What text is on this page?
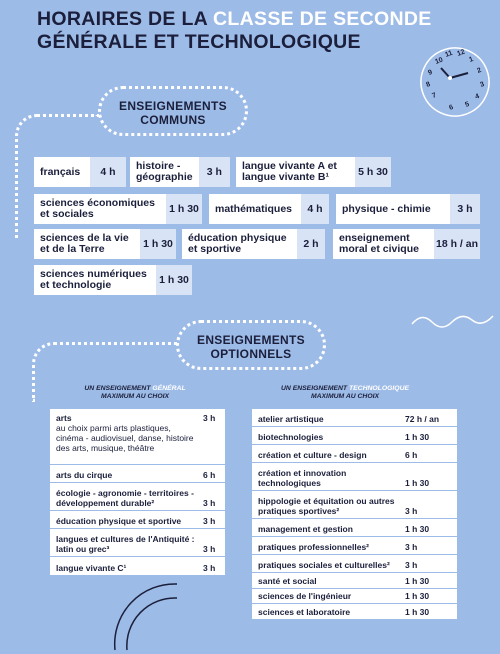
HORAIRES DE LA CLASSE DE SECONDE
GÉNÉRALE ET TECHNOLOGIQUE
12
11
1
10
2
9
3
8
4
7
5
6
ENSEIGNEMENTS
COMMUNS
français	4 h	histoire - géographie	3 h	langue vivante A et langue vivante B¹	5 h 30
sciences économiques et sociales	1 h 30	mathématiques	4 h	physique - chimie	3 h
sciences de la vie et de la Terre	1 h 30	éducation physique et sportive	2 h	enseignement moral et civique	18 h / an
sciences numériques et technologie	1 h 30
ENSEIGNEMENTS
OPTIONNELS
UN ENSEIGNEMENT GÉNÉRAL
MAXIMUM AU CHOIX
UN ENSEIGNEMENT TECHNOLOGIQUE
MAXIMUM AU CHOIX
arts
au choix parmi arts plastiques, cinéma - audiovisuel, danse, histoire des arts, musique, théâtre
3 h
arts du cirque	6 h
écologie - agronomie - territoires - développement durable²	3 h
éducation physique et sportive	3 h
langues et cultures de l'Antiquité : latin ou grec³	3 h
langue vivante C¹	3 h
atelier artistique	72 h / an
biotechnologies	1 h 30
création et culture - design	6 h
création et innovation technologiques	1 h 30
hippologie et équitation ou autres pratiques sportives²	3 h
management et gestion	1 h 30
pratiques professionnelles²	3 h
pratiques sociales et culturelles²	3 h
santé et social	1 h 30
sciences de l'ingénieur	1 h 30
sciences et laboratoire	1 h 30
